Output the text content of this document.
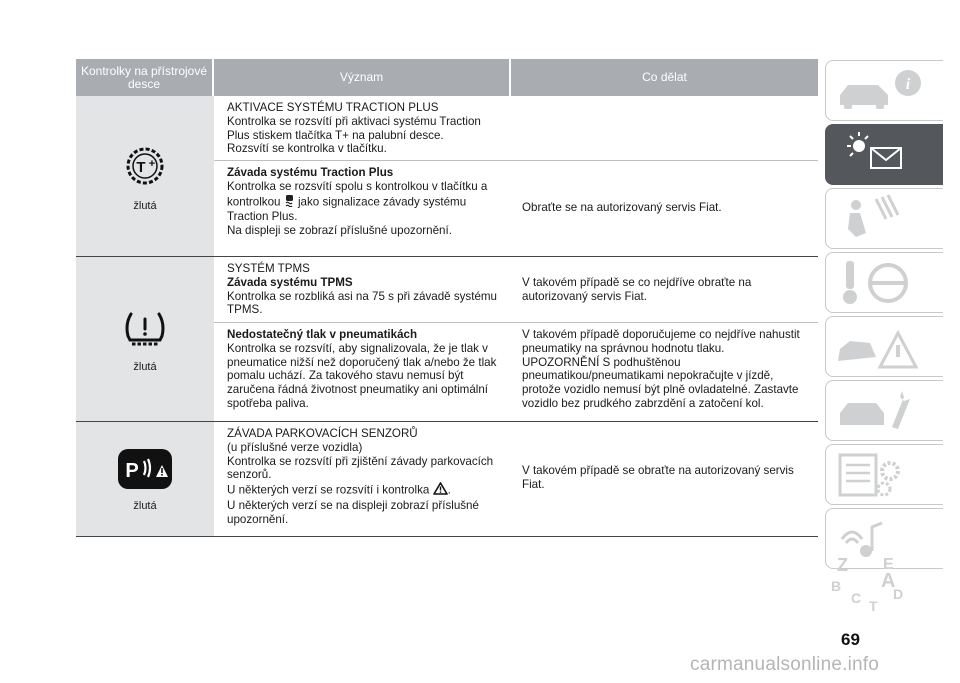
Kontrolky na přístrojové desce	Význam	Co dělat
T +
žlutá
AKTIVACE SYSTÉMU TRACTION PLUS
Kontrolka se rozsvítí při aktivaci systému Traction Plus stiskem tlačítka T+ na palubní desce.
Rozsvítí se kontrolka v tlačítku.
Závada systému Traction Plus
Kontrolka se rozsvítí spolu s kontrolkou v tlačítku a kontrolkou jako signalizace závady systému Traction Plus.
Na displeji se zobrazí příslušné upozornění.
Obraťte se na autorizovaný servis Fiat.
žlutá
SYSTÉM TPMS
Závada systému TPMS
Kontrolka se rozbliká asi na 75 s při závadě systému TPMS.
V takovém případě se co nejdříve obraťte na autorizovaný servis Fiat.
Nedostatečný tlak v pneumatikách
Kontrolka se rozsvítí, aby signalizovala, že je tlak v pneumatice nižší než doporučený tlak a/nebo že tlak pomalu uchází. Za takového stavu nemusí být zaručena řádná životnost pneumatiky ani optimální spotřeba paliva.
V takovém případě doporučujeme co nejdříve nahustit pneumatiky na správnou hodnotu tlaku.
UPOZORNĚNÍ S podhuštěnou pneumatikou/pneumatikami nepokračujte v jízdě, protože vozidlo nemusí být plně ovladatelné. Zastavte vozidlo bez prudkého zabrzdění a zatočení kol.
P
žlutá
ZÁVADA PARKOVACÍCH SENZORŮ
(u příslušné verze vozidla)
Kontrolka se rozsvítí při zjištění závady parkovacích senzorů.
U některých verzí se rozsvítí i kontrolka .
U některých verzí se na displeji zobrazí příslušné upozornění.
V takovém případě se obraťte na autorizovaný servis Fiat.
i
Z E
A
B
C D
T
69
carmanualsonline.info
